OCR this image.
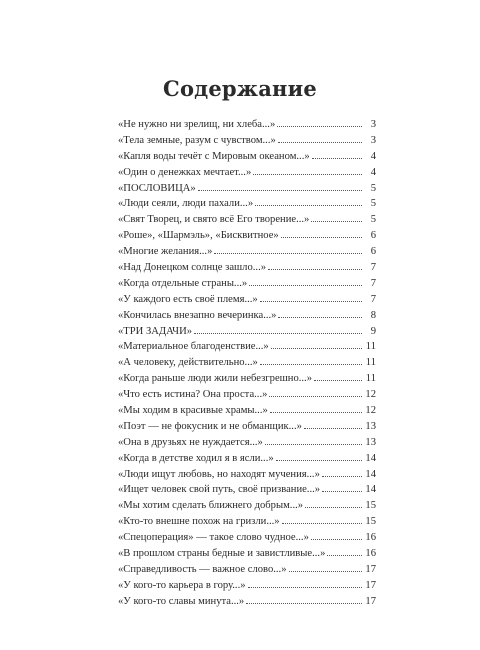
Содержание
«Не нужно ни зрелищ, ни хлеба...»	3
«Тела земные, разум с чувством...»	3
«Капля воды течёт с Мировым океаном...»	4
«Один о денежках мечтает...»	4
«ПОСЛОВИЦА»	5
«Люди сеяли, люди пахали...»	5
«Свят Творец, и свято всё Его творение...»	5
«Роше», «Шармэль», «Бисквитное»	6
«Многие желания...»	6
«Над Донецком солнце зашло...»	7
«Когда отдельные страны...»	7
«У каждого есть своё племя...»	7
«Кончилась внезапно вечеринка...»	8
«ТРИ ЗАДАЧИ»	9
«Материальное благоденствие...»	11
«А человеку, действительно...»	11
«Когда раньше люди жили небезгрешно...»	11
«Что есть истина? Она проста...»	12
«Мы ходим в красивые храмы...»	12
«Поэт — не фокусник и не обманщик...»	13
«Она в друзьях не нуждается...»	13
«Когда в детстве ходил я в ясли...»	14
«Люди ищут любовь, но находят мучения...»	14
«Ищет человек свой путь, своё призвание...»	14
«Мы хотим сделать ближнего добрым...»	15
«Кто-то внешне похож на гризли...»	15
«Спецоперация» — такое слово чудное...»	16
«В прошлом страны бедные и завистливые...»	16
«Справедливость — важное слово...»	17
«У кого-то карьера в гору...»	17
«У кого-то славы минута...»	17
